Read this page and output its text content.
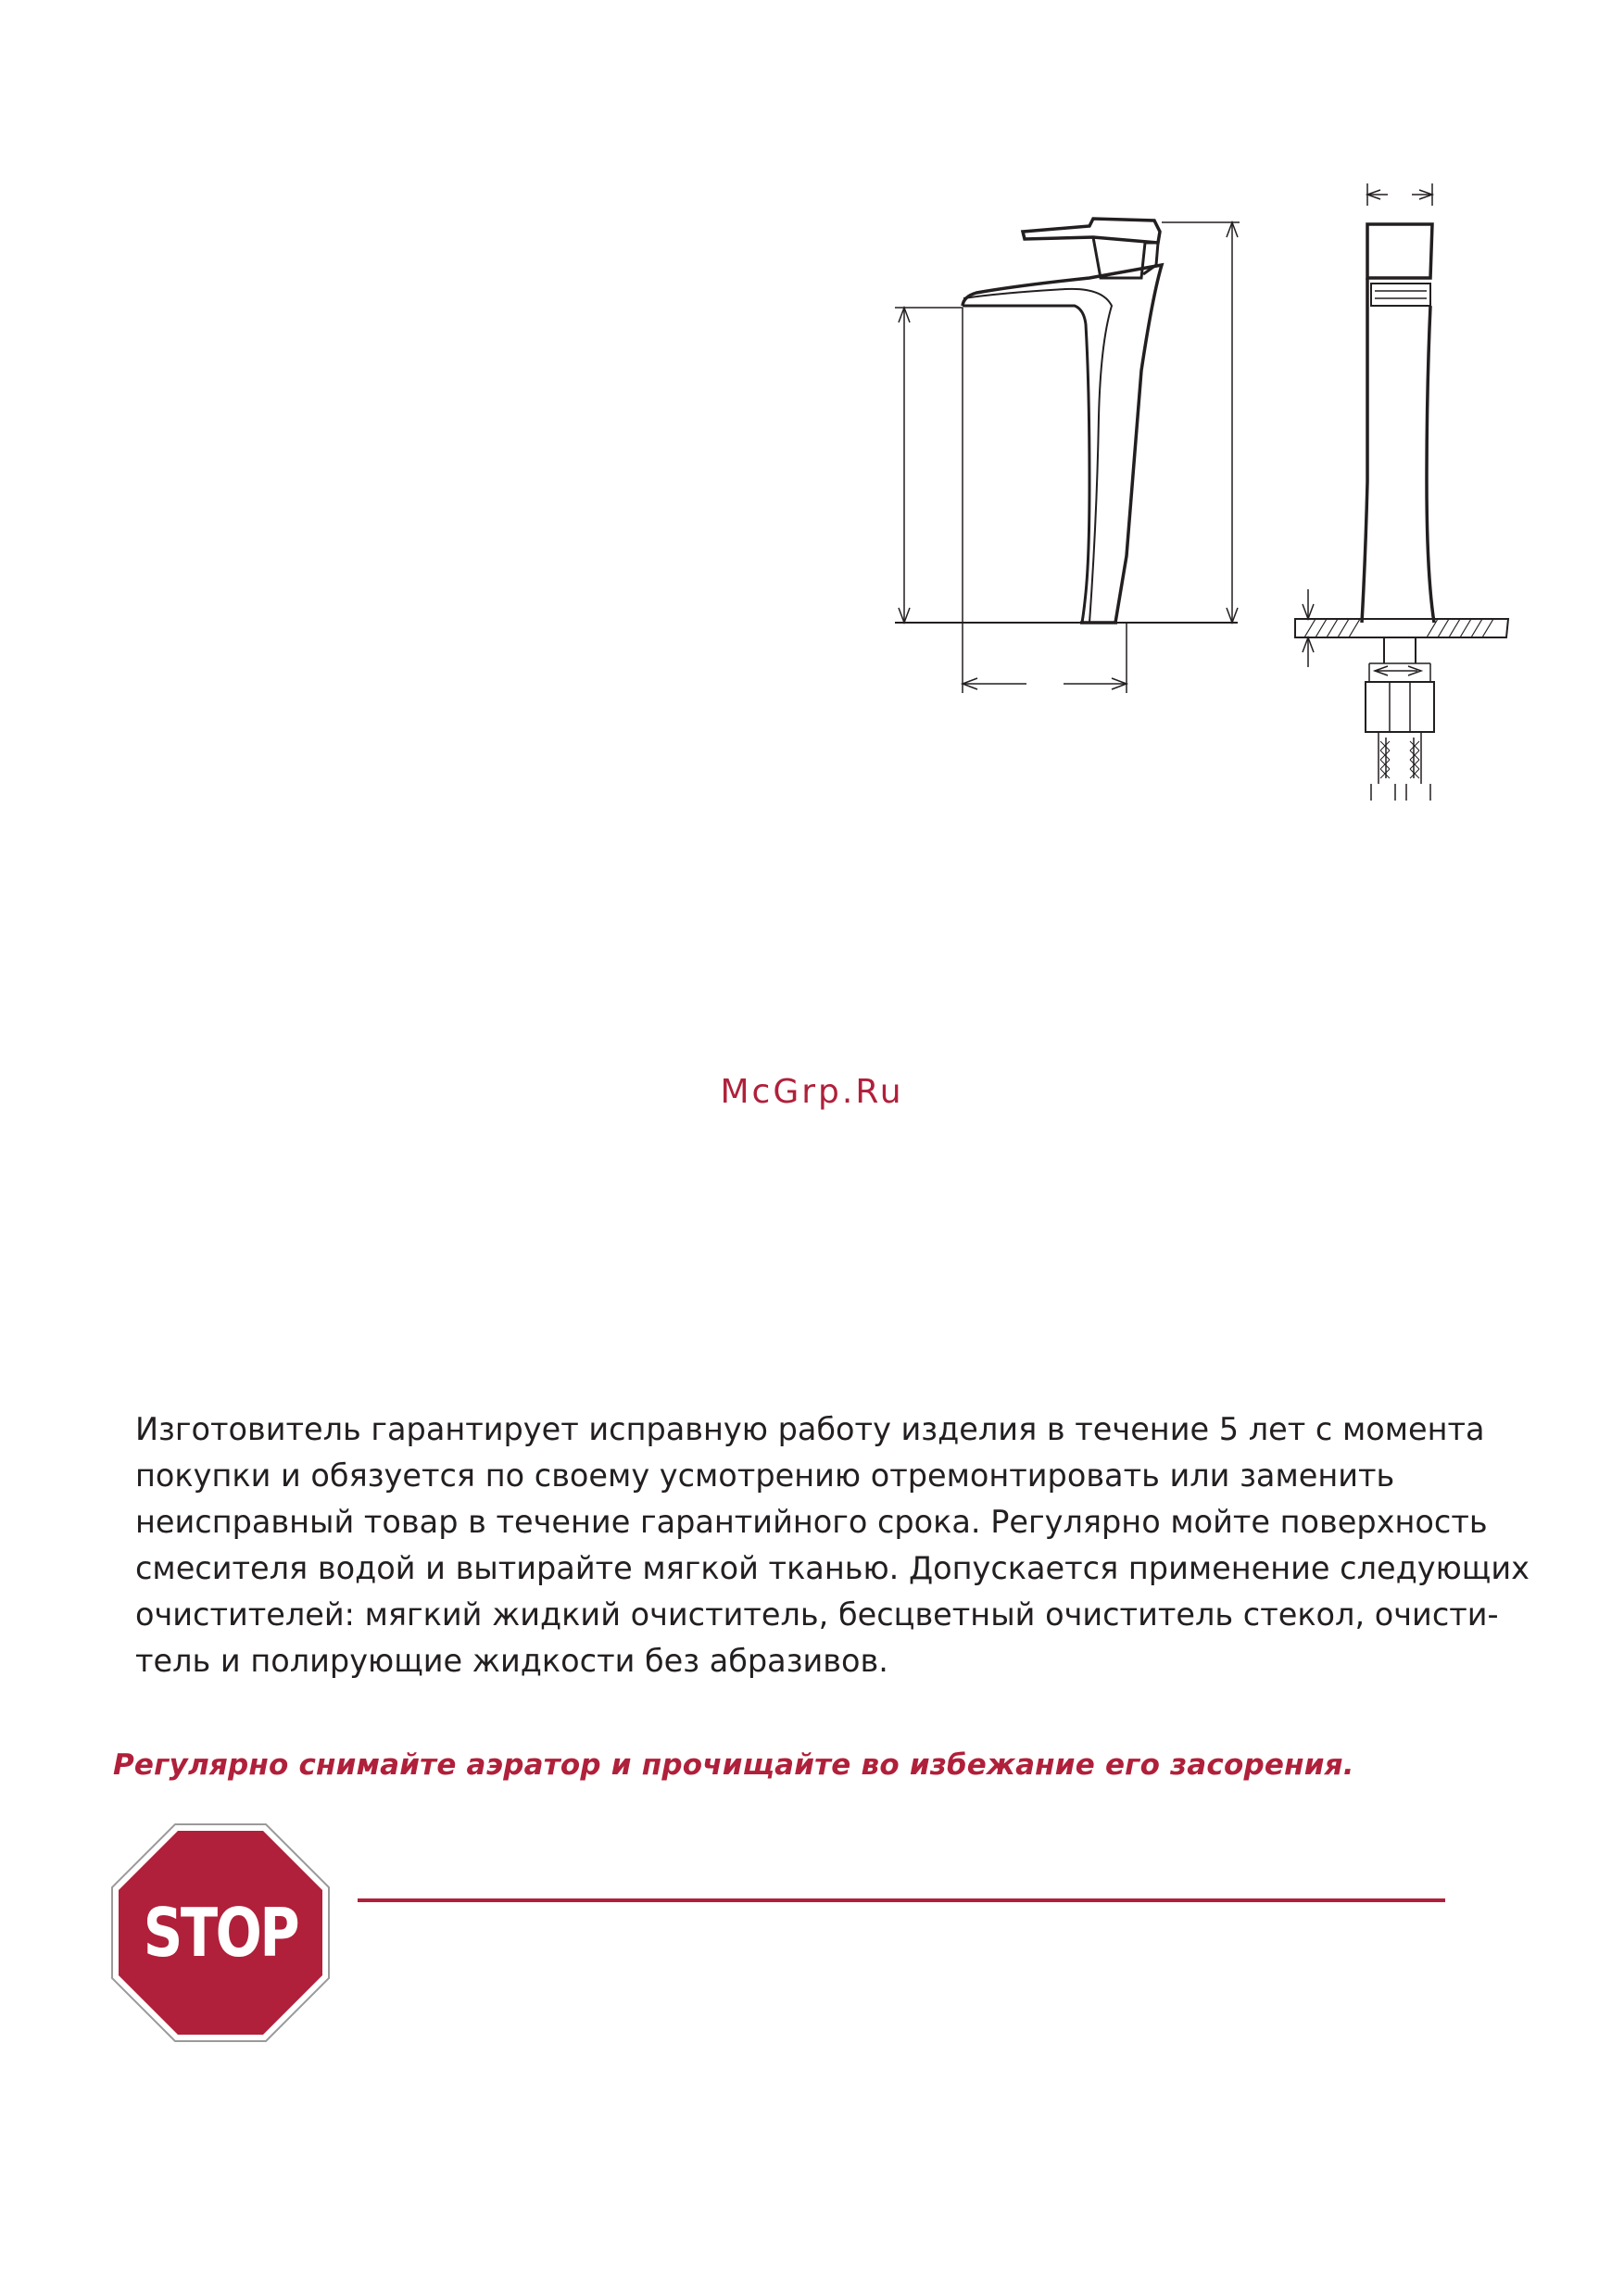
McGrp.Ru
Изготовитель гарантирует исправную работу изделия в течение 5 лет с момента
покупки и обязуется по своему усмотрению отремонтировать или заменить
неисправный товар в течение гарантийного срока. Регулярно мойте поверхность
смесителя водой и вытирайте мягкой тканью. Допускается применение следующих
очистителей: мягкий жидкий очиститель, бесцветный очиститель стекол, очисти-
тель и полирующие жидкости без абразивов.
Регулярно снимайте аэратор и прочищайте во избежание его засорения.
STOP
